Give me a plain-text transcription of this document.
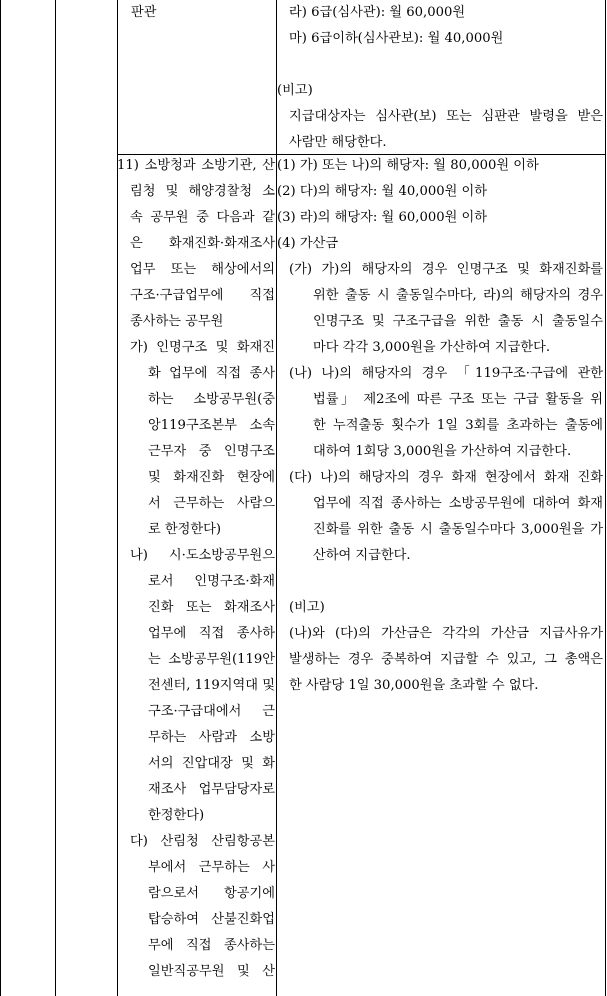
판관	라) 6급(심사관): 월 60,000원
마) 6급이하(심사관보): 월 40,000원
(비고)
지급대상자는 심사관(보) 또는 심판관 발령을 받은
사람만 해당한다.
11) 소방청과 소방기관, 산
림청 및 해양경찰청 소
속 공무원 중 다음과 같
은 화재진화·화재조사
업무 또는 해상에서의
구조·구급업무에 직접
종사하는 공무원
가) 인명구조 및 화재진
화 업무에 직접 종사
하는 소방공무원(중
앙119구조본부 소속
근무자 중 인명구조
및 화재진화 현장에
서 근무하는 사람으
로 한정한다)
나) 시·도소방공무원으
로서 인명구조·화재
진화 또는 화재조사
업무에 직접 종사하
는 소방공무원(119안
전센터, 119지역대 및
구조·구급대에서 근
무하는 사람과 소방
서의 진압대장 및 화
재조사 업무담당자로
한정한다)
다) 산림청 산림항공본
부에서 근무하는 사
람으로서 항공기에
탑승하여 산불진화업
무에 직접 종사하는
일반직공무원 및 산
(1) 가) 또는 나)의 해당자: 월 80,000원 이하
(2) 다)의 해당자: 월 40,000원 이하
(3) 라)의 해당자: 월 60,000원 이하
(4) 가산금
(가) 가)의 해당자의 경우 인명구조 및 화재진화를
위한 출동 시 출동일수마다, 라)의 해당자의 경우
인명구조 및 구조구급을 위한 출동 시 출동일수
마다 각각 3,000원을 가산하여 지급한다.
(나) 나)의 해당자의 경우 「119구조·구급에 관한
법률」 제2조에 따른 구조 또는 구급 활동을 위
한 누적출동 횟수가 1일 3회를 초과하는 출동에
대하여 1회당 3,000원을 가산하여 지급한다.
(다) 나)의 해당자의 경우 화재 현장에서 화재 진화
업무에 직접 종사하는 소방공무원에 대하여 화재
진화를 위한 출동 시 출동일수마다 3,000원을 가
산하여 지급한다.
(비고)
(나)와 (다)의 가산금은 각각의 가산금 지급사유가
발생하는 경우 중복하여 지급할 수 있고, 그 총액은
한 사람당 1일 30,000원을 초과할 수 없다.
